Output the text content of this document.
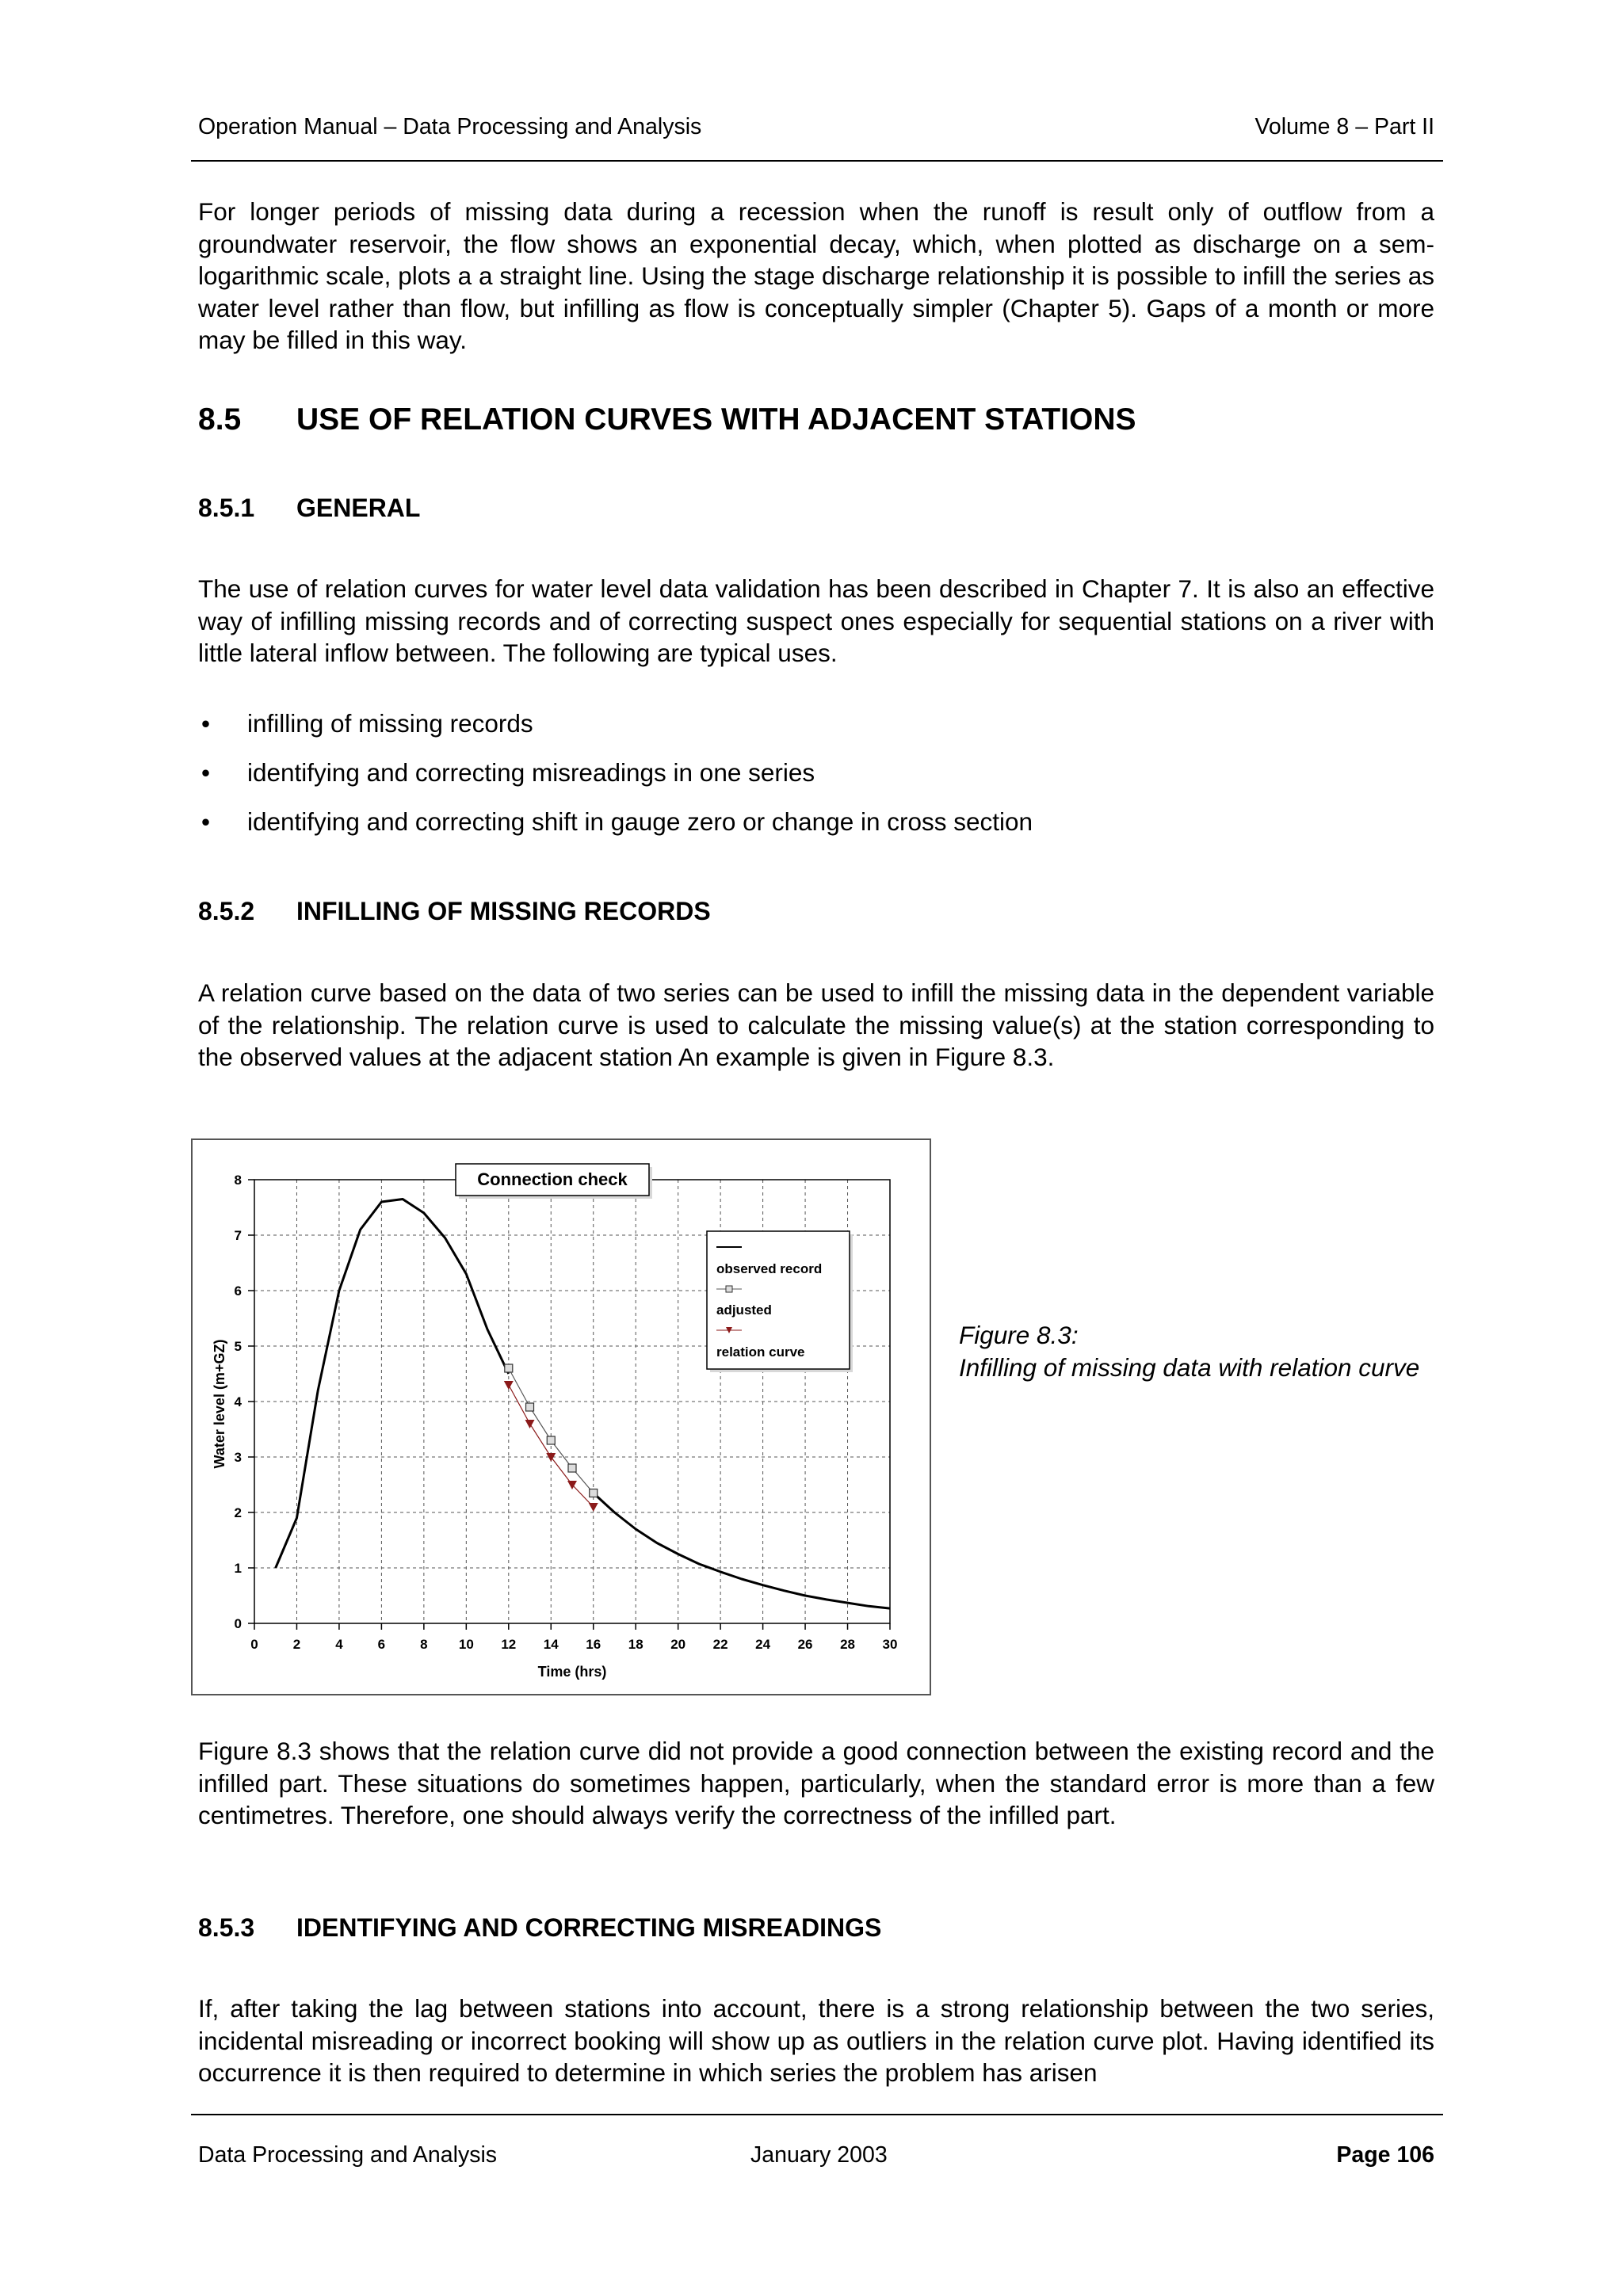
Operation Manual – Data Processing and Analysis	Volume 8 – Part II

For longer periods of missing data during a recession when the runoff is result only of outflow from a groundwater reservoir, the flow shows an exponential decay, which, when plotted as discharge on a sem-logarithmic scale, plots a a straight line. Using the stage discharge relationship it is possible to infill the series as water level rather than flow, but infilling as flow is conceptually simpler (Chapter 5). Gaps of a month or more may be filled in this way.

8.5 USE OF RELATION CURVES WITH ADJACENT STATIONS
8.5.1 GENERAL

The use of relation curves for water level data validation has been described in Chapter 7. It is also an effective way of infilling missing records and of correcting suspect ones especially for sequential stations on a river with little lateral inflow between. The following are typical uses.

• infilling of missing records
• identifying and correcting misreadings in one series
• identifying and correcting shift in gauge zero or change in cross section
8.5.2 INFILLING OF MISSING RECORDS

A relation curve based on the data of two series can be used to infill the missing data in the dependent variable of the relationship. The relation curve is used to calculate the missing value(s) at the station corresponding to the observed values at the adjacent station An example is given in Figure 8.3.

0	2	4	6	8 10 12 14 16 18 20 22 24 26 28 30
0
1
2
3
4
5
6
7
8	Connection check
observed record
adjusted
relation curve
Time (hrs)
Water level (m+GZ)
Figure 8.3:
Infilling of missing data with relation curve

Figure 8.3 shows that the relation curve did not provide a good connection between the existing record and the infilled part. These situations do sometimes happen, particularly, when the standard error is more than a few centimetres. Therefore, one should always verify the correctness of the infilled part.

8.5.3 IDENTIFYING AND CORRECTING MISREADINGS

If, after taking the lag between stations into account, there is a strong relationship between the two series, incidental misreading or incorrect booking will show up as outliers in the relation curve plot. Having identified its occurrence it is then required to determine in which series the problem has arisen

Data Processing and Analysis	January 2003	Page 106
